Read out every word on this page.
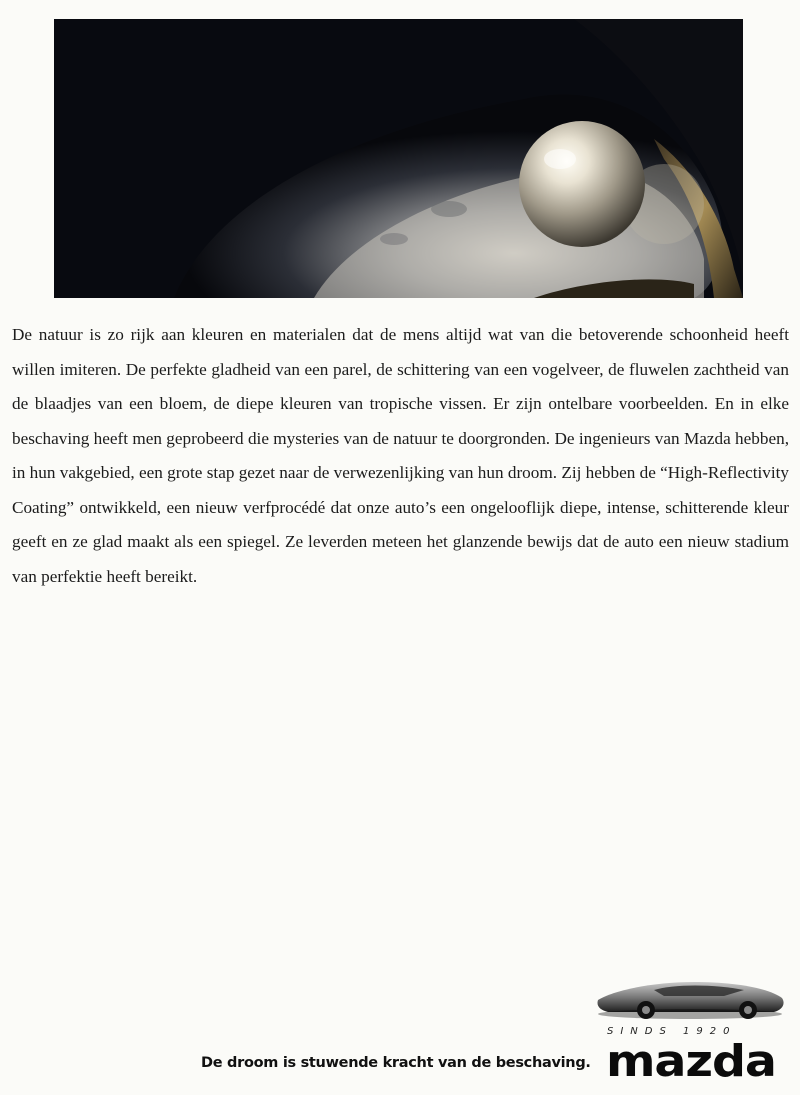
De natuur is zo rijk aan kleuren en materialen dat de mens altijd wat van die betoverende schoonheid heeft willen imiteren. De perfekte gladheid van een parel, de schittering van een vogelveer, de fluwelen zachtheid van de blaadjes van een bloem, de diepe kleuren van tropische vissen. Er zijn ontelbare voorbeelden. En in elke beschaving heeft men geprobeerd die mysteries van de natuur te doorgronden. De ingenieurs van Mazda hebben, in hun vakgebied, een grote stap gezet naar de verwezenlijking van hun droom. Zij hebben de “High-Reflectivity Coating” ontwikkeld, een nieuw verfprocédé dat onze auto’s een ongelooflijk diepe, intense, schitterende kleur geeft en ze glad maakt als een spiegel. Ze leverden meteen het glanzende bewijs dat de auto een nieuw stadium van perfektie heeft bereikt.

SINDS 1920
De droom is stuwende kracht van de beschaving. mazda
